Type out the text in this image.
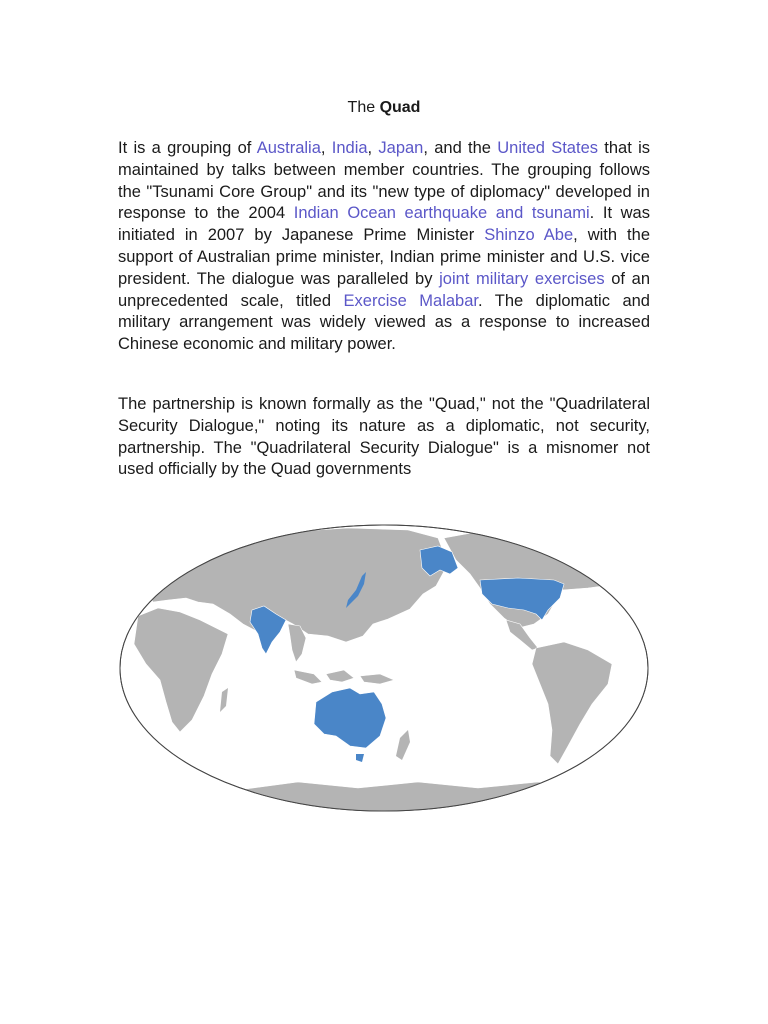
The Quad

It is a grouping of Australia, India, Japan, and the United States that is maintained by talks between member countries. The grouping follows the "Tsunami Core Group" and its "new type of diplomacy" developed in response to the 2004 Indian Ocean earthquake and tsunami. It was initiated in 2007 by Japanese Prime Minister Shinzo Abe, with the support of Australian prime minister, Indian prime minister and U.S. vice president. The dialogue was paralleled by joint military exercises of an unprecedented scale, titled Exercise Malabar. The diplomatic and military arrangement was widely viewed as a response to increased Chinese economic and military power.

The partnership is known formally as the "Quad," not the "Quadrilateral Security Dialogue," noting its nature as a diplomatic, not security, partnership. The "Quadrilateral Security Dialogue" is a misnomer not used officially by the Quad governments
